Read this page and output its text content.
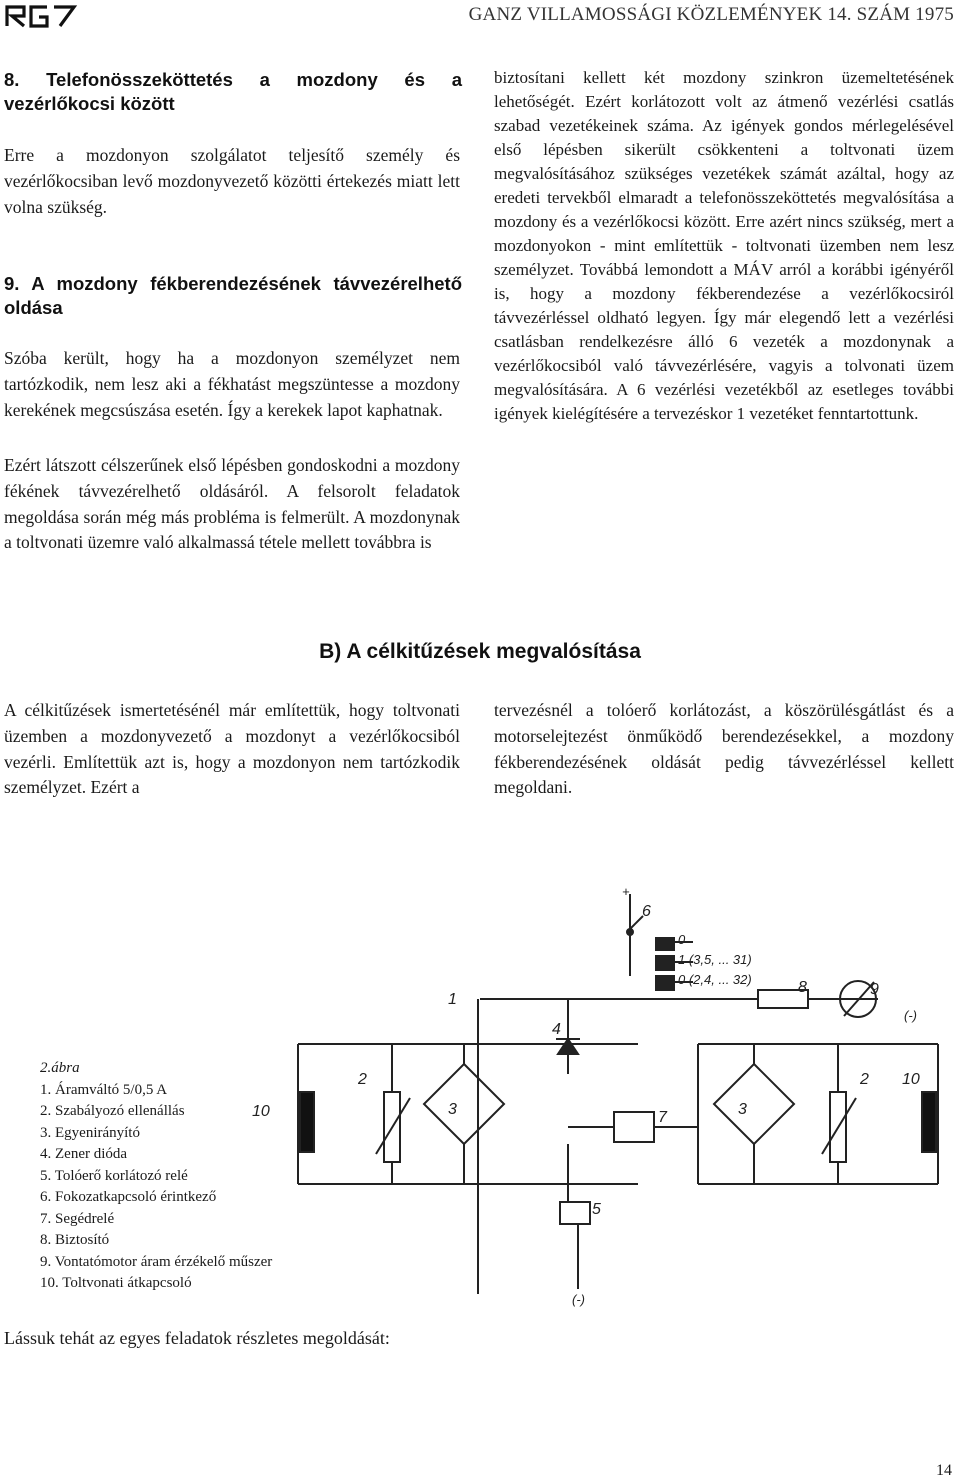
GANZ VILLAMOSSÁGI KÖZLEMÉNYEK 14. SZÁM 1975
8. Telefonösszeköttetés a mozdony és a vezérlőkocsi között
Erre a mozdonyon szolgálatot teljesítő személy és vezérlőkocsiban levő mozdonyvezető közötti értekezés miatt lett volna szükség.
9. A mozdony fékberendezésének távvezérelhető oldása
Szóba került, hogy ha a mozdonyon személyzet nem tartózkodik, nem lesz aki a fékhatást megszüntesse a mozdony kerekének megcsúszása esetén. Így a kerekek lapot kaphatnak.
Ezért látszott célszerűnek első lépésben gondoskodni a mozdony fékének távvezérelhető oldásáról. A felsorolt feladatok megoldása során még más probléma is felmerült. A mozdonynak a toltvonati üzemre való alkalmassá tétele mellett továbbra is
biztosítani kellett két mozdony szinkron üzemeltetésének lehetőségét. Ezért korlátozott volt az átmenő vezérlési csatlás szabad vezetékeinek száma. Az igények gondos mérlegelésével első lépésben sikerült csökkenteni a toltvonati üzem megvalósításához szükséges vezetékek számát azáltal, hogy az eredeti tervekből elmaradt a telefonösszeköttetés megvalósítása a mozdony és a vezérlőkocsi között. Erre azért nincs szükség, mert a mozdonyokon - mint említettük - toltvonati üzemben nem lesz személyzet. Továbbá lemondott a MÁV arról a korábbi igényéről is, hogy a mozdony fékberendezése a vezérlőkocsiról távvezérléssel oldható legyen. Így már elegendő lett a vezérlési csatlásban rendelkezésre álló 6 vezeték a mozdonynak a vezérlőkocsiból való távvezérlésére, vagyis a tolvonati üzem megvalósítására. A 6 vezérlési vezetékből az esetleges további igények kielégítésére a tervezéskor 1 vezetéket fenntartottunk.
B) A célkitűzések megvalósítása
A célkitűzések ismertetésénél már említettük, hogy toltvonati üzemben a mozdonyvezető a mozdonyt a vezérlőkocsiból vezérli. Említettük azt is, hogy a mozdonyon nem tartózkodik személyzet. Ezért a
tervezésnél a tolóerő korlátozást, a köszörülésgátlást és a motorselejtezést önműködő berendezésekkel, a mozdony fékberendezésének oldását pedig távvezérléssel kellett megoldani.
+
6
0
1 (3,5, ... 31)
0 (2,4, ... 32)	8	9
(-)
10
2
3
4
7
5
(-)
3
2 10
1
2.ábra
1. Áramváltó 5/0,5 A
2. Szabályozó ellenállás
3. Egyenirányító
4. Zener dióda
5. Tolóerő korlátozó relé
6. Fokozatkapcsoló érintkező
7. Segédrelé
8. Biztosító
9. Vontatómotor áram érzékelő műszer
10. Toltvonati átkapcsoló
Lássuk tehát az egyes feladatok részletes megoldását:
14
